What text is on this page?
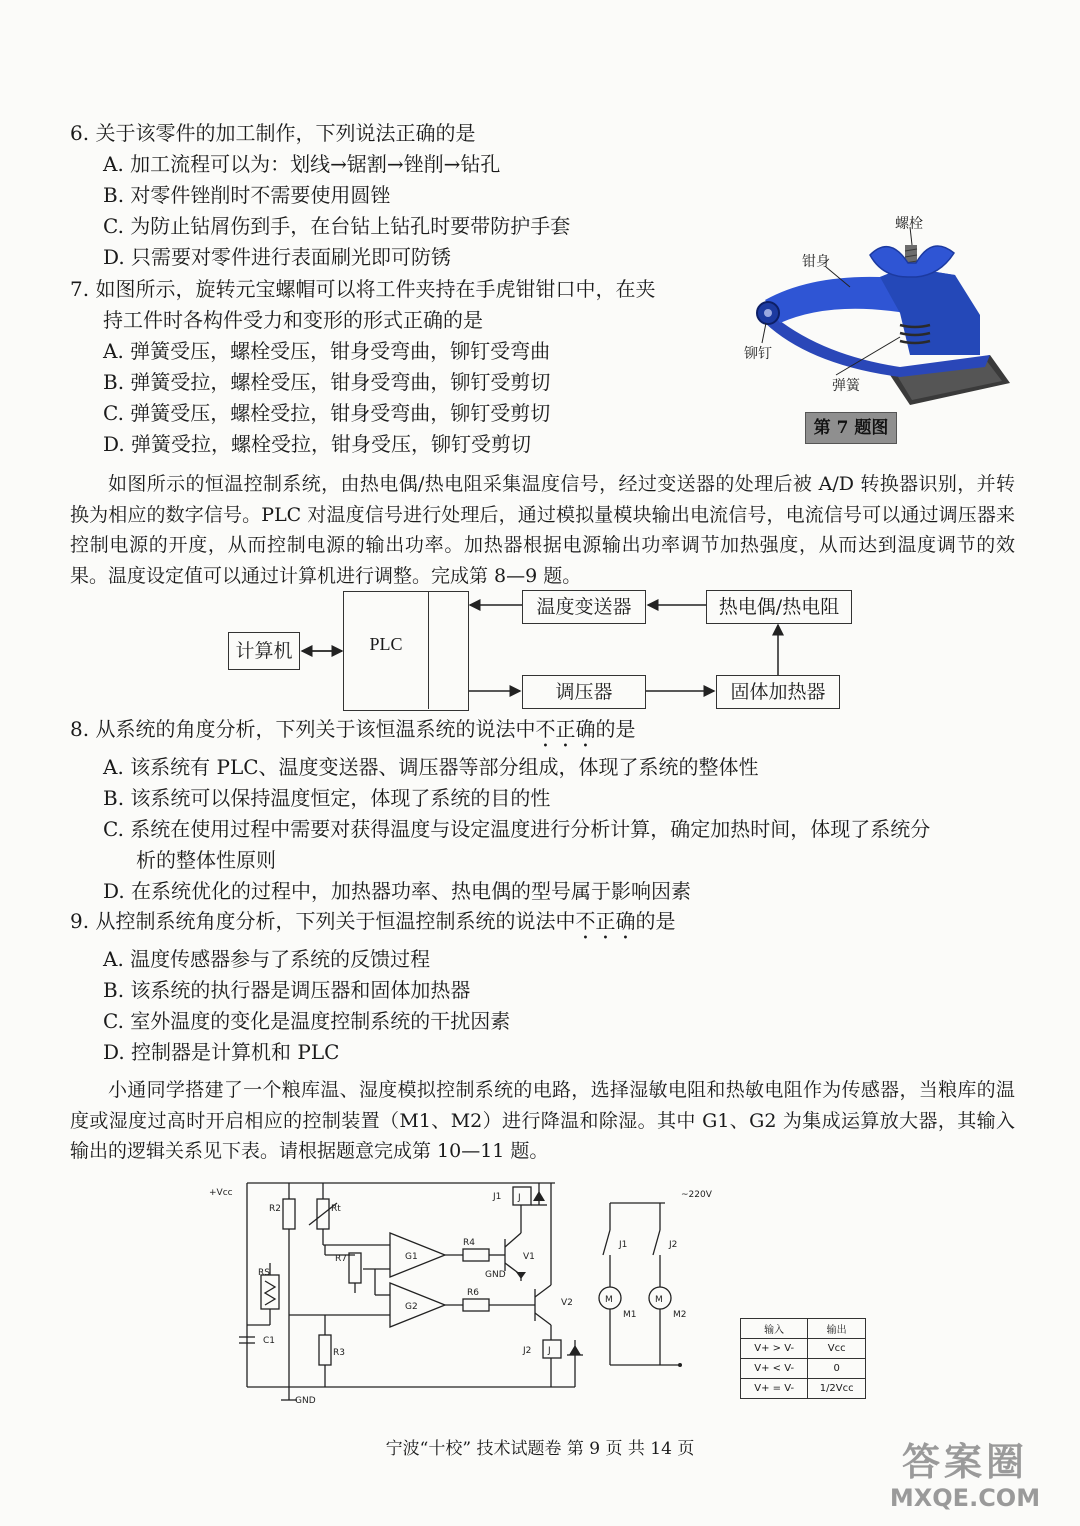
6. 关于该零件的加工制作，下列说法正确的是
A. 加工流程可以为：划线→锯割→锉削→钻孔
B. 对零件锉削时不需要使用圆锉
C. 为防止钻屑伤到手，在台钻上钻孔时要带防护手套
D. 只需要对零件进行表面刷光即可防锈
7. 如图所示，旋转元宝螺帽可以将工件夹持在手虎钳钳口中，在夹
持工件时各构件受力和变形的形式正确的是
A. 弹簧受压，螺栓受压，钳身受弯曲，铆钉受弯曲
B. 弹簧受拉，螺栓受压，钳身受弯曲，铆钉受剪切
C. 弹簧受压，螺栓受拉，钳身受弯曲，铆钉受剪切
D. 弹簧受拉，螺栓受拉，钳身受压，铆钉受剪切
螺栓
钳身
铆钉
弹簧
第 7 题图
如图所示的恒温控制系统，由热电偶/热电阻采集温度信号，经过变送器的处理后被 A/D 转换器识别，并转换为相应的数字信号。PLC 对温度信号进行处理后，通过模拟量模块输出电流信号，电流信号可以通过调压器来控制电源的开度，从而控制电源的输出功率。加热器根据电源输出功率调节加热强度，从而达到温度调节的效果。温度设定值可以通过计算机进行调整。完成第 8—9 题。
计算机	PLC
温度变送器	热电偶/热电阻
调压器	固体加热器
8. 从系统的角度分析，下列关于该恒温系统的说法中不正确的是
A. 该系统有 PLC、温度变送器、调压器等部分组成，体现了系统的整体性
B. 该系统可以保持温度恒定，体现了系统的目的性
C. 系统在使用过程中需要对获得温度与设定温度进行分析计算，确定加热时间，体现了系统分
析的整体性原则
D. 在系统优化的过程中，加热器功率、热电偶的型号属于影响因素
9. 从控制系统角度分析，下列关于恒温控制系统的说法中不正确的是
A. 温度传感器参与了系统的反馈过程
B. 该系统的执行器是调压器和固体加热器
C. 室外温度的变化是温度控制系统的干扰因素
D. 控制器是计算机和 PLC
小通同学搭建了一个粮库温、湿度模拟控制系统的电路，选择湿敏电阻和热敏电阻作为传感器，当粮库的温度或湿度过高时开启相应的控制装置（M1、M2）进行降温和除湿。其中 G1、G2 为集成运算放大器，其输入输出的逻辑关系见下表。请根据题意完成第 10—11 题。
+Vcc
R2	Rt
RS
C1
R7
R3
G1
G2
R4
R6
V1
V2
J1 J
J2 J
GND
GND
~220V
J1	J2
M	M
M1	M2
输入	输出
V+ > V-	Vcc
V+ < V-	0
V+ = V-	1/2Vcc
宁波“十校” 技术试题卷 第 9 页 共 14 页	答案圈
MXQE.COM
